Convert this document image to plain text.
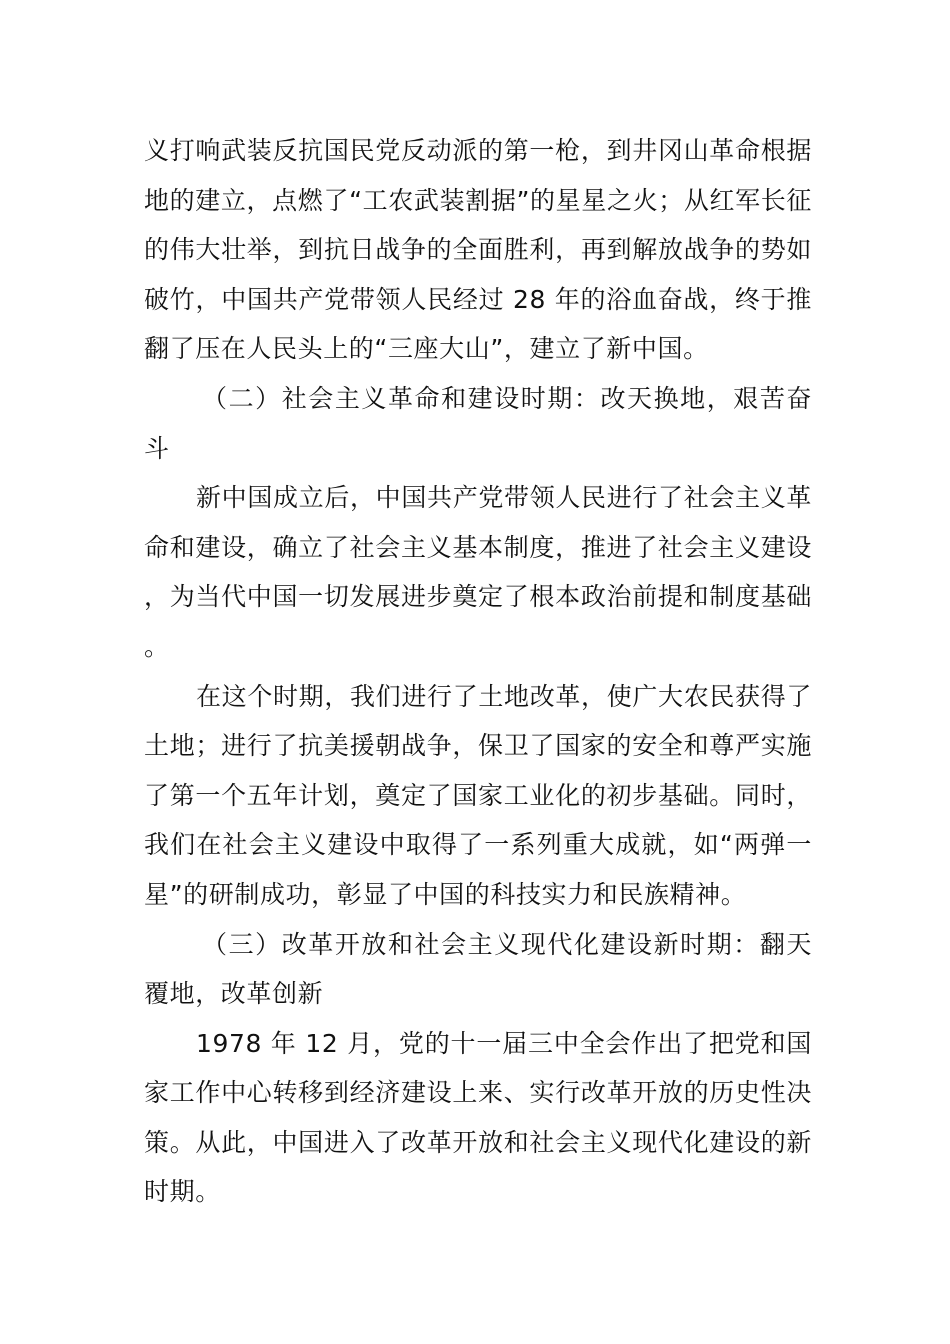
义打响武装反抗国民党反动派的第一枪，到井冈山革命根据地的建立，点燃了“工农武装割据”的星星之火；从红军长征的伟大壮举，到抗日战争的全面胜利，再到解放战争的势如破竹，中国共产党带领人民经过 28 年的浴血奋战，终于推翻了压在人民头上的“三座大山”，建立了新中国。

（二）社会主义革命和建设时期：改天换地，艰苦奋斗

新中国成立后，中国共产党带领人民进行了社会主义革命和建设，确立了社会主义基本制度，推进了社会主义建设，为当代中国一切发展进步奠定了根本政治前提和制度基础。

在这个时期，我们进行了土地改革，使广大农民获得了土地；进行了抗美援朝战争，保卫了国家的安全和尊严实施了第一个五年计划，奠定了国家工业化的初步基础。同时，我们在社会主义建设中取得了一系列重大成就，如“两弹一星”的研制成功，彰显了中国的科技实力和民族精神。

（三）改革开放和社会主义现代化建设新时期：翻天覆地，改革创新

1978 年 12 月，党的十一届三中全会作出了把党和国家工作中心转移到经济建设上来、实行改革开放的历史性决策。从此，中国进入了改革开放和社会主义现代化建设的新时期。
